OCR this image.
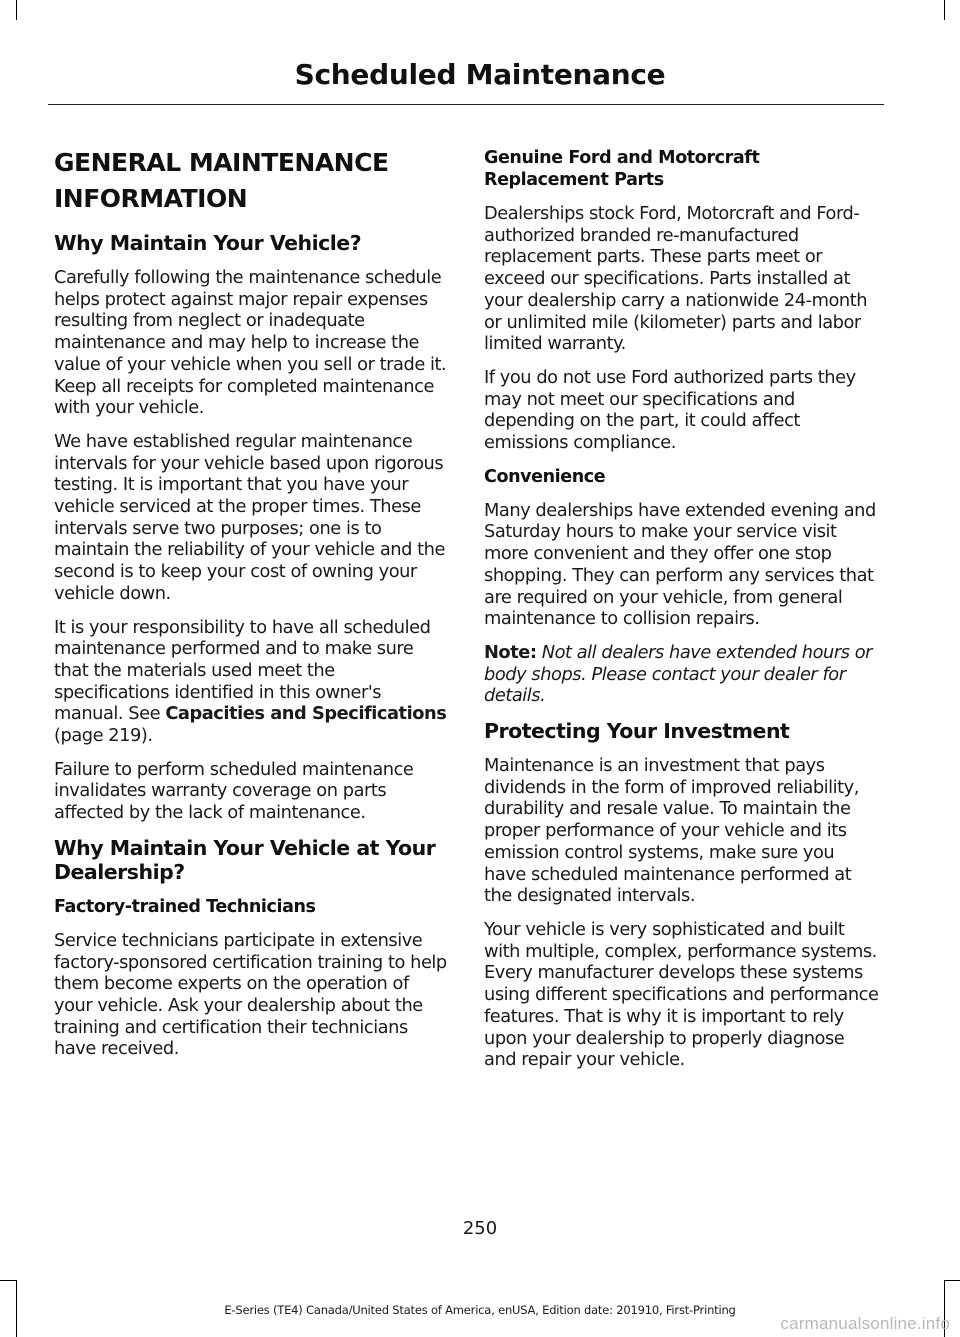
Scheduled Maintenance
GENERAL MAINTENANCE
INFORMATION
Why Maintain Your Vehicle?

Carefully following the maintenance schedule helps protect against major repair expenses resulting from neglect or inadequate maintenance and may help to increase the value of your vehicle when you sell or trade it. Keep all receipts for completed maintenance with your vehicle.

We have established regular maintenance intervals for your vehicle based upon rigorous testing. It is important that you have your vehicle serviced at the proper times. These intervals serve two purposes; one is to maintain the reliability of your vehicle and the second is to keep your cost of owning your vehicle down.

It is your responsibility to have all scheduled maintenance performed and to make sure that the materials used meet the specifications identified in this owner's manual. See Capacities and Specifications (page 219).

Failure to perform scheduled maintenance invalidates warranty coverage on parts affected by the lack of maintenance.

Why Maintain Your Vehicle at Your Dealership?
Factory-trained Technicians

Service technicians participate in extensive factory-sponsored certification training to help them become experts on the operation of your vehicle. Ask your dealership about the training and certification their technicians have received.

Genuine Ford and Motorcraft Replacement Parts

Dealerships stock Ford, Motorcraft and Ford-authorized branded re-manufactured replacement parts. These parts meet or exceed our specifications. Parts installed at your dealership carry a nationwide 24-month or unlimited mile (kilometer) parts and labor limited warranty.

If you do not use Ford authorized parts they may not meet our specifications and depending on the part, it could affect emissions compliance.

Convenience

Many dealerships have extended evening and Saturday hours to make your service visit more convenient and they offer one stop shopping. They can perform any services that are required on your vehicle, from general maintenance to collision repairs.

Note: Not all dealers have extended hours or body shops. Please contact your dealer for details.

Protecting Your Investment

Maintenance is an investment that pays dividends in the form of improved reliability, durability and resale value. To maintain the proper performance of your vehicle and its emission control systems, make sure you have scheduled maintenance performed at the designated intervals.

Your vehicle is very sophisticated and built with multiple, complex, performance systems. Every manufacturer develops these systems using different specifications and performance features. That is why it is important to rely upon your dealership to properly diagnose and repair your vehicle.

250
E-Series (TE4) Canada/United States of America, enUSA, Edition date: 201910, First-Printing
carmanualsonline.info
